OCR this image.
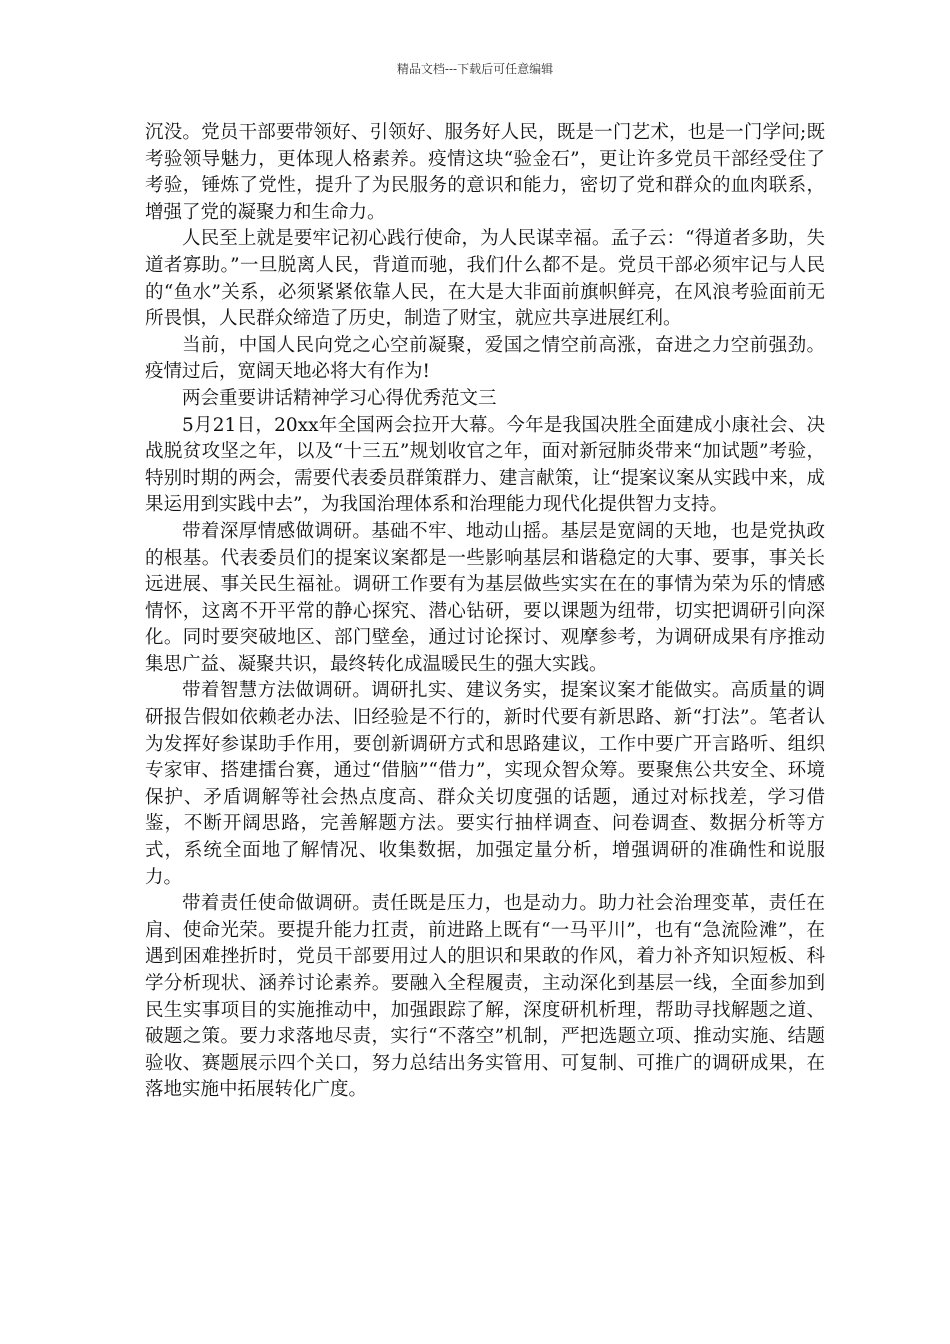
精品文档---下载后可任意编辑

沉没。党员干部要带领好、引领好、服务好人民，既是一门艺术，也是一门学问;既考验领导魅力，更体现人格素养。疫情这块“验金石”，更让许多党员干部经受住了考验，锤炼了党性，提升了为民服务的意识和能力，密切了党和群众的血肉联系，增强了党的凝聚力和生命力。

人民至上就是要牢记初心践行使命，为人民谋幸福。孟子云：“得道者多助，失道者寡助。”一旦脱离人民，背道而驰，我们什么都不是。党员干部必须牢记与人民的“鱼水”关系，必须紧紧依靠人民，在大是大非面前旗帜鲜亮，在风浪考验面前无所畏惧，人民群众缔造了历史，制造了财宝，就应共享进展红利。

当前，中国人民向党之心空前凝聚，爱国之情空前高涨，奋进之力空前强劲。疫情过后，宽阔天地必将大有作为!

两会重要讲话精神学习心得优秀范文三

5月21日，20xx年全国两会拉开大幕。今年是我国决胜全面建成小康社会、决战脱贫攻坚之年，以及“十三五”规划收官之年，面对新冠肺炎带来“加试题”考验，特别时期的两会，需要代表委员群策群力、建言献策，让“提案议案从实践中来，成果运用到实践中去”，为我国治理体系和治理能力现代化提供智力支持。

带着深厚情感做调研。基础不牢、地动山摇。基层是宽阔的天地，也是党执政的根基。代表委员们的提案议案都是一些影响基层和谐稳定的大事、要事，事关长远进展、事关民生福祉。调研工作要有为基层做些实实在在的事情为荣为乐的情感情怀，这离不开平常的静心探究、潜心钻研，要以课题为纽带，切实把调研引向深化。同时要突破地区、部门壁垒，通过讨论探讨、观摩参考，为调研成果有序推动集思广益、凝聚共识，最终转化成温暖民生的强大实践。

带着智慧方法做调研。调研扎实、建议务实，提案议案才能做实。高质量的调研报告假如依赖老办法、旧经验是不行的，新时代要有新思路、新“打法”。笔者认为发挥好参谋助手作用，要创新调研方式和思路建议，工作中要广开言路听、组织专家审、搭建擂台赛，通过“借脑”“借力”，实现众智众筹。要聚焦公共安全、环境保护、矛盾调解等社会热点度高、群众关切度强的话题，通过对标找差，学习借鉴，不断开阔思路，完善解题方法。要实行抽样调查、问卷调查、数据分析等方式，系统全面地了解情况、收集数据，加强定量分析，增强调研的准确性和说服力。

带着责任使命做调研。责任既是压力，也是动力。助力社会治理变革，责任在肩、使命光荣。要提升能力扛责，前进路上既有“一马平川”，也有“急流险滩”，在遇到困难挫折时，党员干部要用过人的胆识和果敢的作风，着力补齐知识短板、科学分析现状、涵养讨论素养。要融入全程履责，主动深化到基层一线，全面参加到民生实事项目的实施推动中，加强跟踪了解，深度研机析理，帮助寻找解题之道、破题之策。要力求落地尽责，实行“不落空”机制，严把选题立项、推动实施、结题验收、赛题展示四个关口，努力总结出务实管用、可复制、可推广的调研成果，在落地实施中拓展转化广度。
